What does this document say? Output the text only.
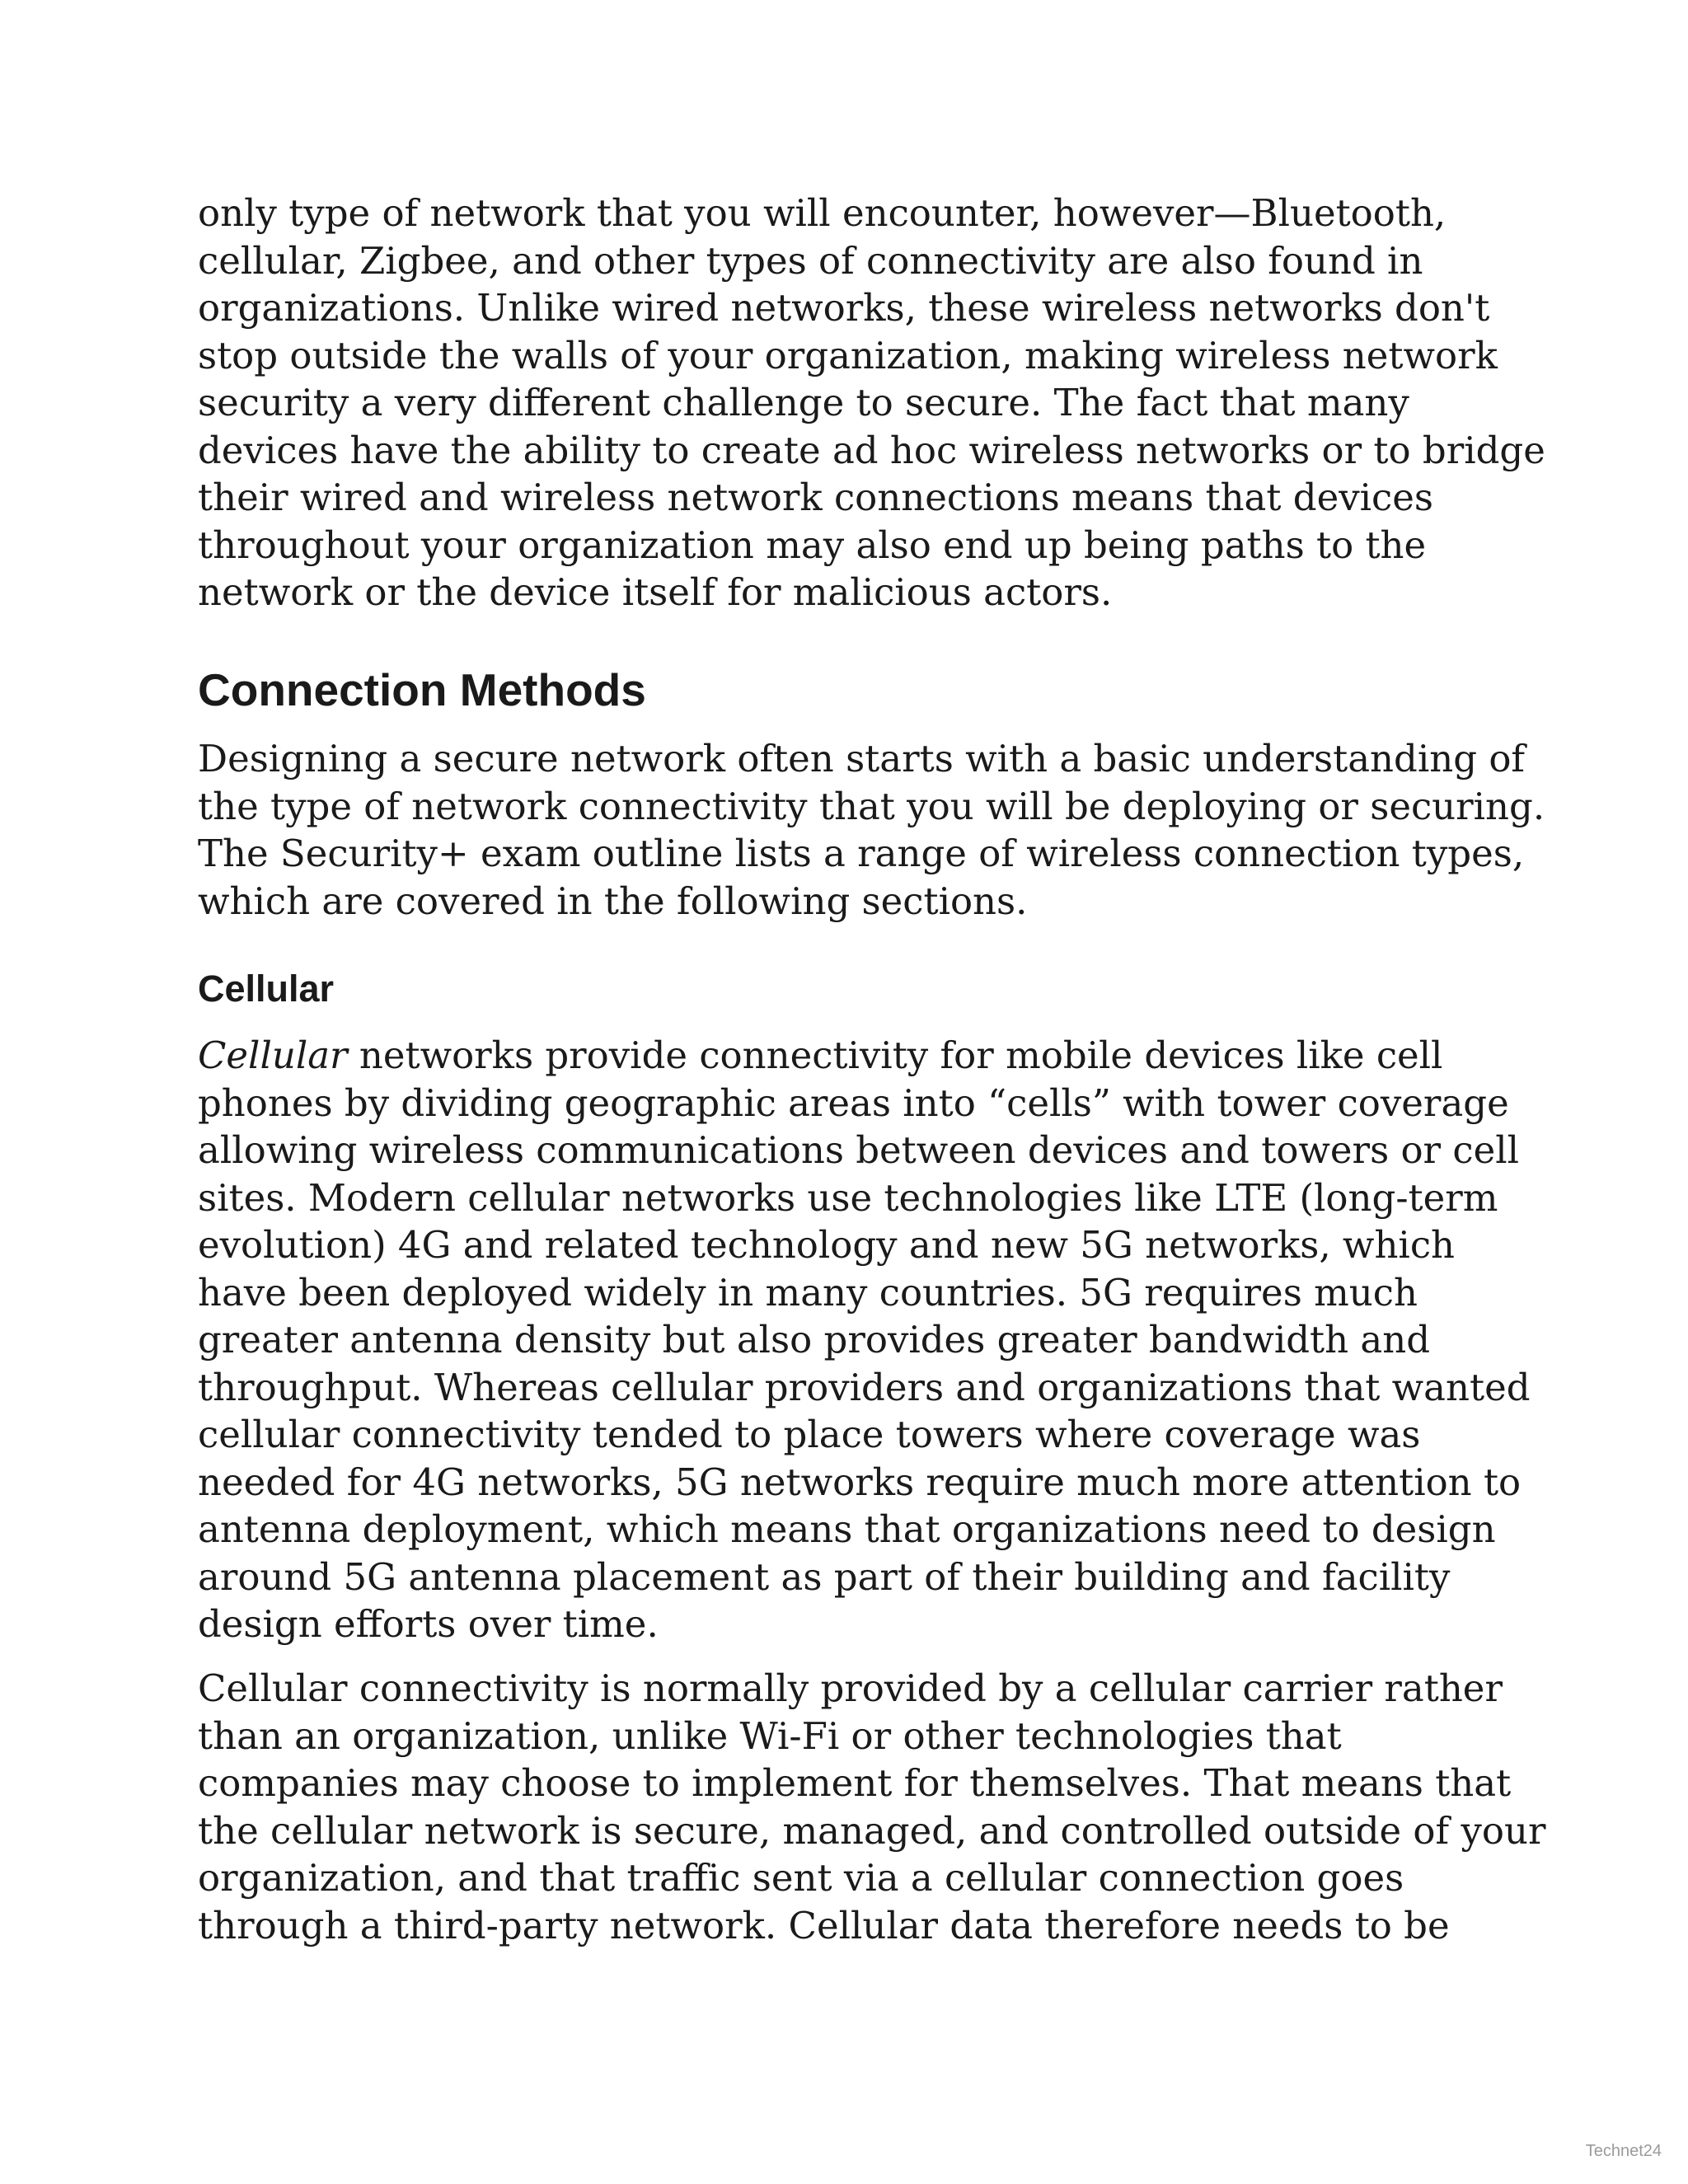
only type of network that you will encounter, however—Bluetooth,
cellular, Zigbee, and other types of connectivity are also found in
organizations. Unlike wired networks, these wireless networks don't
stop outside the walls of your organization, making wireless network
security a very different challenge to secure. The fact that many
devices have the ability to create ad hoc wireless networks or to bridge
their wired and wireless network connections means that devices
throughout your organization may also end up being paths to the
network or the device itself for malicious actors.
Connection Methods
Designing a secure network often starts with a basic understanding of
the type of network connectivity that you will be deploying or securing.
The Security+ exam outline lists a range of wireless connection types,
which are covered in the following sections.
Cellular
Cellular networks provide connectivity for mobile devices like cell
phones by dividing geographic areas into “cells” with tower coverage
allowing wireless communications between devices and towers or cell
sites. Modern cellular networks use technologies like LTE (long-term
evolution) 4G and related technology and new 5G networks, which
have been deployed widely in many countries. 5G requires much
greater antenna density but also provides greater bandwidth and
throughput. Whereas cellular providers and organizations that wanted
cellular connectivity tended to place towers where coverage was
needed for 4G networks, 5G networks require much more attention to
antenna deployment, which means that organizations need to design
around 5G antenna placement as part of their building and facility
design efforts over time.
Cellular connectivity is normally provided by a cellular carrier rather
than an organization, unlike Wi-Fi or other technologies that
companies may choose to implement for themselves. That means that
the cellular network is secure, managed, and controlled outside of your
organization, and that traffic sent via a cellular connection goes
through a third-party network. Cellular data therefore needs to be
Technet24
